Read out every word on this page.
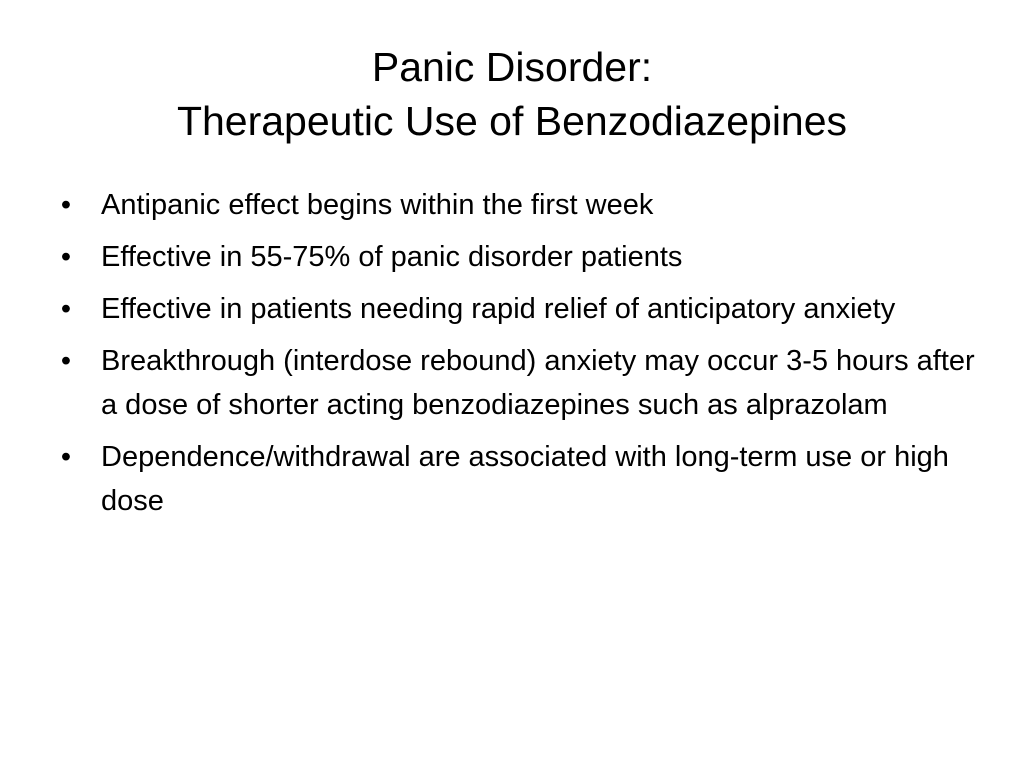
Panic Disorder:
Therapeutic Use of Benzodiazepines
• Antipanic effect begins within the first week
• Effective in 55-75% of panic disorder patients
• Effective in patients needing rapid relief of anticipatory anxiety
• Breakthrough (interdose rebound) anxiety may occur 3-5 hours after a dose of shorter acting benzodiazepines such as alprazolam
• Dependence/withdrawal are associated with long-term use or high dose
